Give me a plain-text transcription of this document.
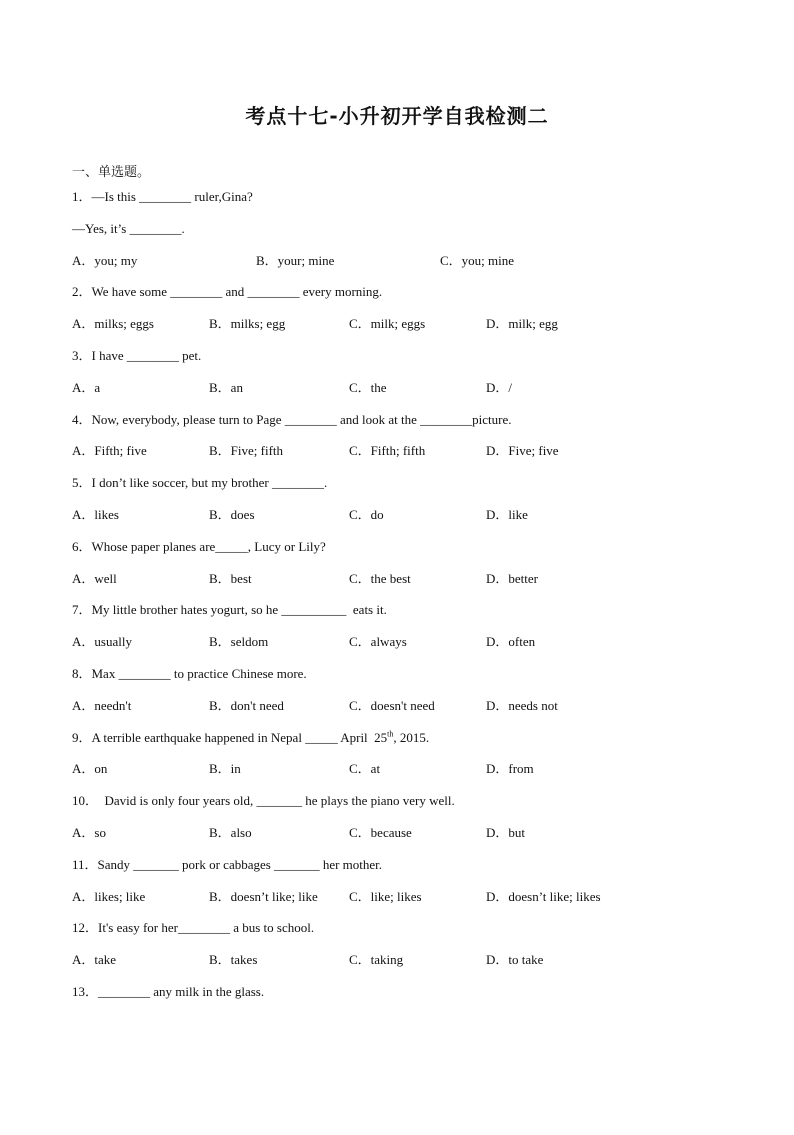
考点十七-小升初开学自我检测二
一、单选题。
1．—Is this ________ ruler,Gina?
—Yes, it’s ________.

A．you; my

	B．your; mine

	C．you; mine

2．We have some ________ and ________ every morning.

A．milks; eggs

	B．milks; egg

	C．milk; eggs

	D．milk; egg

3．I have ________ pet.

A．a

	B．an

	C．the

	D．/

4．Now, everybody, please turn to Page ________ and look at the ________picture.

A．Fifth; five

	B．Five; fifth

	C．Fifth; fifth

	D．Five; five

5．I don’t like soccer, but my brother ________.

A．likes

	B．does

	C．do

	D．like

6．Whose paper planes are_____, Lucy or Lily?

A．well

	B．best

	C．the best

	D．better

7．My little brother hates yogurt, so he __________  eats it.

A．usually

	B．seldom

	C．always

	D．often

8．Max ________ to practice Chinese more.

A．needn't

	B．don't need

	C．doesn't need

	D．needs not

9．A terrible earthquake happened in Nepal _____ April  25th, 2015.

A．on

	B．in

	C．at

	D．from

10．  David is only four years old, _______ he plays the piano very well.

A．so

	B．also

	C．because

	D．but

11．Sandy _______ pork or cabbages _______ her mother.

A．likes; like

	B．doesn’t like; like

C．like; likes

	D．doesn’t like; likes

12．It's easy for her________ a bus to school.

A．take

	B．takes

	C．taking

	D．to take

13．________ any milk in the glass.
